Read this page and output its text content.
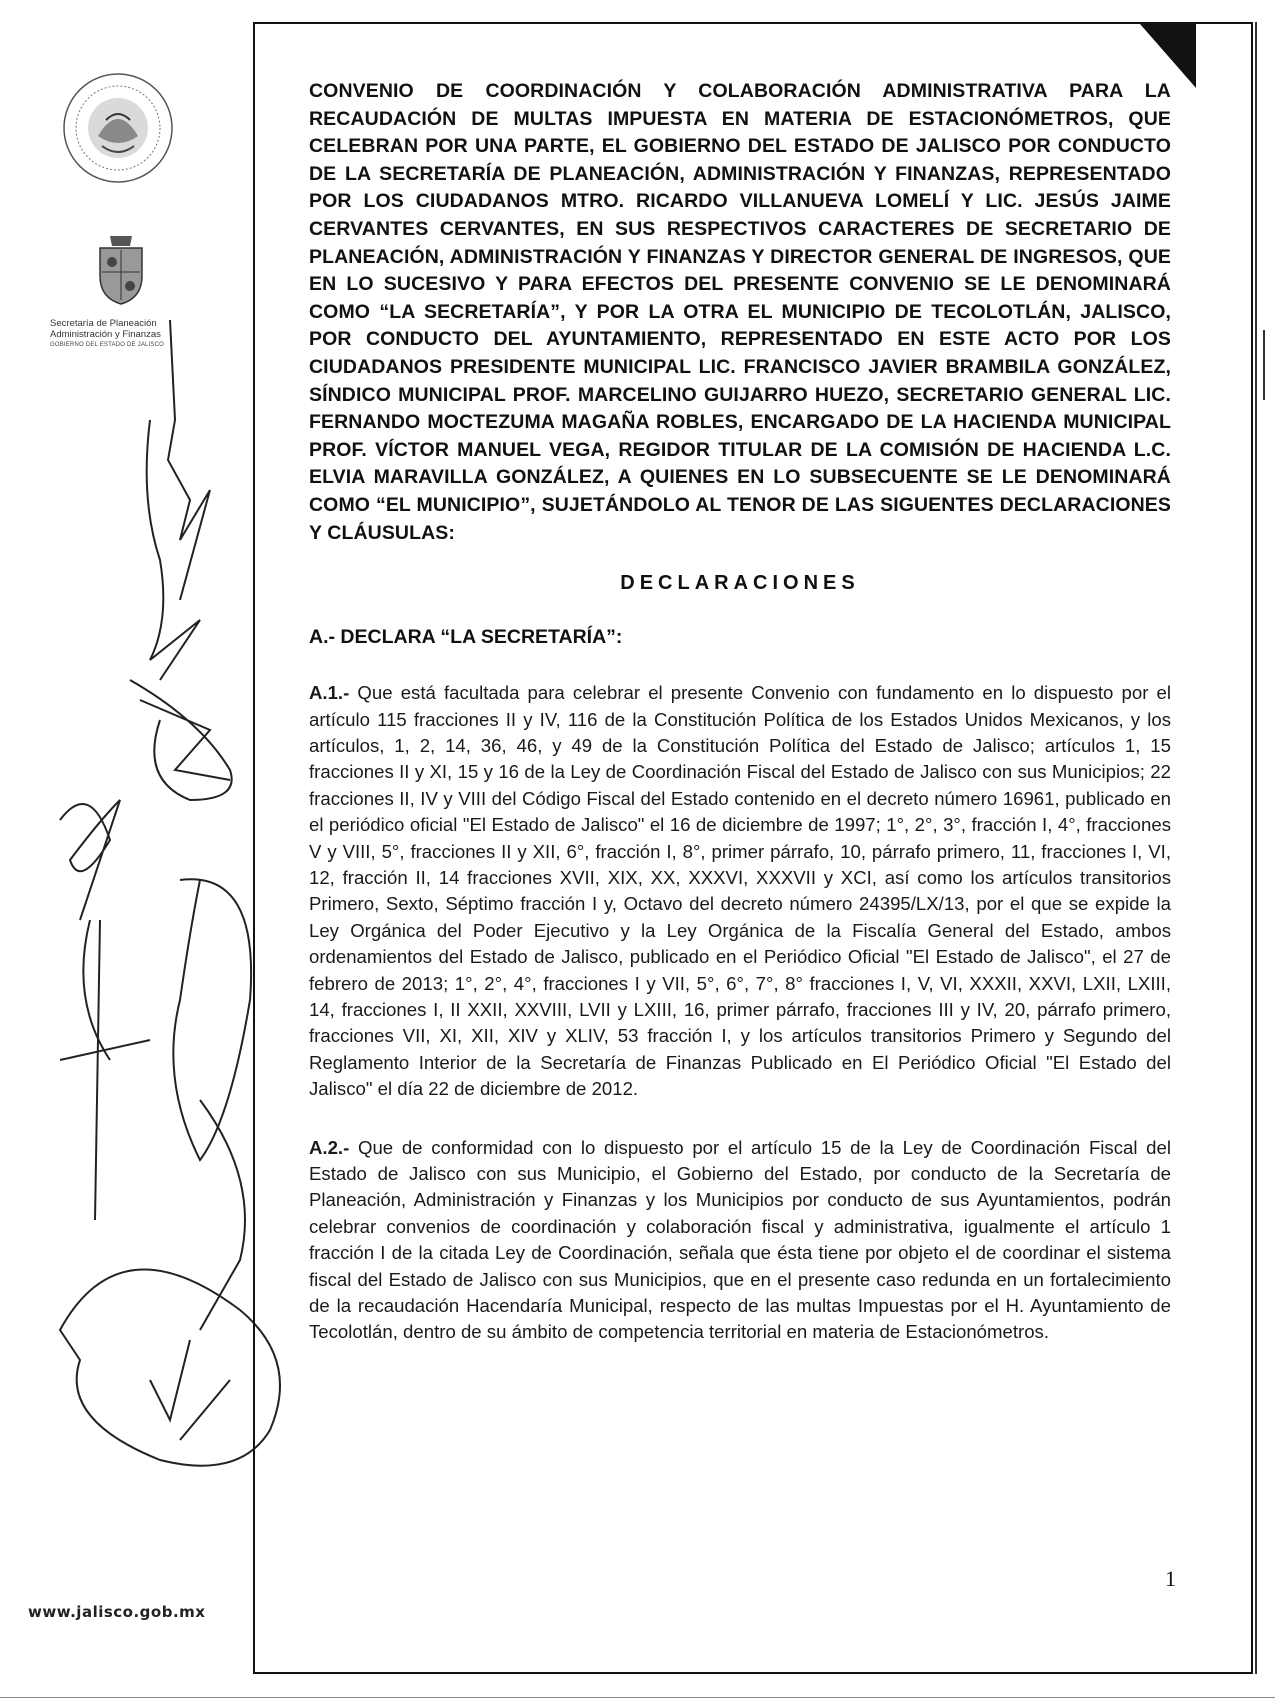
Secretaría de Planeación
Administración y Finanzas
GOBIERNO DEL ESTADO DE JALISCO
www.jalisco.gob.mx

CONVENIO DE COORDINACIÓN Y COLABORACIÓN ADMINISTRATIVA PARA LA RECAUDACIÓN DE MULTAS IMPUESTA EN MATERIA DE ESTACIONÓMETROS, QUE CELEBRAN POR UNA PARTE, EL GOBIERNO DEL ESTADO DE JALISCO POR CONDUCTO DE LA SECRETARÍA DE PLANEACIÓN, ADMINISTRACIÓN Y FINANZAS, REPRESENTADO POR LOS CIUDADANOS MTRO. RICARDO VILLANUEVA LOMELÍ Y LIC. JESÚS JAIME CERVANTES CERVANTES, EN SUS RESPECTIVOS CARACTERES DE SECRETARIO DE PLANEACIÓN, ADMINISTRACIÓN Y FINANZAS Y DIRECTOR GENERAL DE INGRESOS, QUE EN LO SUCESIVO Y PARA EFECTOS DEL PRESENTE CONVENIO SE LE DENOMINARÁ COMO “LA SECRETARÍA”, Y POR LA OTRA EL MUNICIPIO DE TECOLOTLÁN, JALISCO, POR CONDUCTO DEL AYUNTAMIENTO, REPRESENTADO EN ESTE ACTO POR LOS CIUDADANOS PRESIDENTE MUNICIPAL LIC. FRANCISCO JAVIER BRAMBILA GONZÁLEZ, SÍNDICO MUNICIPAL PROF. MARCELINO GUIJARRO HUEZO, SECRETARIO GENERAL LIC. FERNANDO MOCTEZUMA MAGAÑA ROBLES, ENCARGADO DE LA HACIENDA MUNICIPAL PROF. VÍCTOR MANUEL VEGA, REGIDOR TITULAR DE LA COMISIÓN DE HACIENDA L.C. ELVIA MARAVILLA GONZÁLEZ, A QUIENES EN LO SUBSECUENTE SE LE DENOMINARÁ COMO “EL MUNICIPIO”, SUJETÁNDOLO AL TENOR DE LAS SIGUENTES DECLARACIONES Y CLÁUSULAS:

DECLARACIONES
A.- DECLARA “LA SECRETARÍA”:

A.1.- Que está facultada para celebrar el presente Convenio con fundamento en lo dispuesto por el artículo 115 fracciones II y IV, 116 de la Constitución Política de los Estados Unidos Mexicanos, y los artículos, 1, 2, 14, 36, 46, y 49 de la Constitución Política del Estado de Jalisco; artículos 1, 15 fracciones II y XI, 15 y 16 de la Ley de Coordinación Fiscal del Estado de Jalisco con sus Municipios; 22 fracciones II, IV y VIII del Código Fiscal del Estado contenido en el decreto número 16961, publicado en el periódico oficial "El Estado de Jalisco" el 16 de diciembre de 1997; 1°, 2°, 3°, fracción I, 4°, fracciones V y VIII, 5°, fracciones II y XII, 6°, fracción I, 8°, primer párrafo, 10, párrafo primero, 11, fracciones I, VI, 12, fracción II, 14 fracciones XVII, XIX, XX, XXXVI, XXXVII y XCI, así como los artículos transitorios Primero, Sexto, Séptimo fracción I y, Octavo del decreto número 24395/LX/13, por el que se expide la Ley Orgánica del Poder Ejecutivo y la Ley Orgánica de la Fiscalía General del Estado, ambos ordenamientos del Estado de Jalisco, publicado en el Periódico Oficial "El Estado de Jalisco", el 27 de febrero de 2013; 1°, 2°, 4°, fracciones I y VII, 5°, 6°, 7°, 8° fracciones I, V, VI, XXXII, XXVI, LXII, LXIII, 14, fracciones I, II XXII, XXVIII, LVII y LXIII, 16, primer párrafo, fracciones III y IV, 20, párrafo primero, fracciones VII, XI, XII, XIV y XLIV, 53 fracción I, y los artículos transitorios Primero y Segundo del Reglamento Interior de la Secretaría de Finanzas Publicado en El Periódico Oficial "El Estado del Jalisco" el día 22 de diciembre de 2012.

A.2.- Que de conformidad con lo dispuesto por el artículo 15 de la Ley de Coordinación Fiscal del Estado de Jalisco con sus Municipio, el Gobierno del Estado, por conducto de la Secretaría de Planeación, Administración y Finanzas y los Municipios por conducto de sus Ayuntamientos, podrán celebrar convenios de coordinación y colaboración fiscal y administrativa, igualmente el artículo 1 fracción I de la citada Ley de Coordinación, señala que ésta tiene por objeto el de coordinar el sistema fiscal del Estado de Jalisco con sus Municipios, que en el presente caso redunda en un fortalecimiento de la recaudación Hacendaría Municipal, respecto de las multas Impuestas por el H. Ayuntamiento de Tecolotlán, dentro de su ámbito de competencia territorial en materia de Estacionómetros.

1
